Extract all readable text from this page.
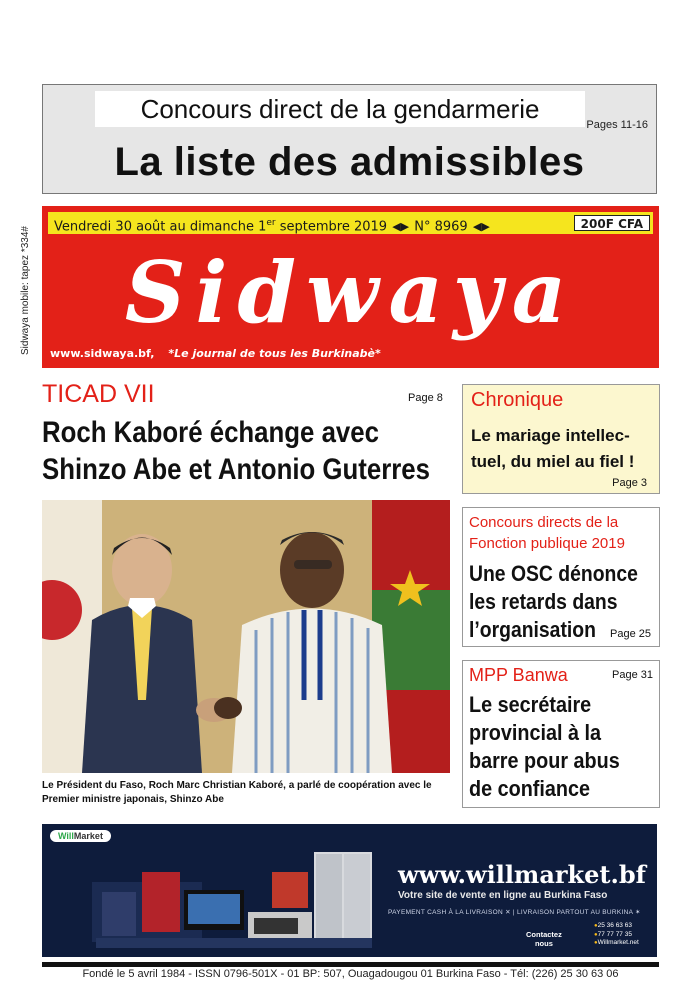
Concours direct de la gendarmerie
Pages 11-16
La liste des admissibles
Sidwaya mobile: tapez *334#	Vendredi 30 août au dimanche 1er septembre 2019 ◀▶ N° 8969 ◀▶	200F CFA
Sidwaya
www.sidwaya.bf, *Le journal de tous les Burkinabè*
TICAD VII	Page 8
Roch Kaboré échange avec
Shinzo Abe et Antonio Guterres
Le Président du Faso, Roch Marc Christian Kaboré, a parlé de coopération avec le Premier ministre japonais, Shinzo Abe
Chronique
Le mariage intellec-
tuel, du miel au fiel !
Page 3
Concours directs de la
Fonction publique 2019
Une OSC dénonce
les retards dans
l’organisation	Page 25
MPP Banwa	Page 31
Le secrétaire
provincial à la
barre pour abus
de confiance
WillMarket
www.willmarket.bf
Votre site de vente en ligne au Burkina Faso
PAYEMENT CASH À LA LIVRAISON ✕ | LIVRAISON PARTOUT AU BURKINA ✶
Contactez
nous
● 25 36 63 63
● 77 77 77 35
● Willmarket.net
Fondé le 5 avril 1984 - ISSN 0796-501X - 01 BP: 507, Ouagadougou 01 Burkina Faso - Tél: (226) 25 30 63 06
